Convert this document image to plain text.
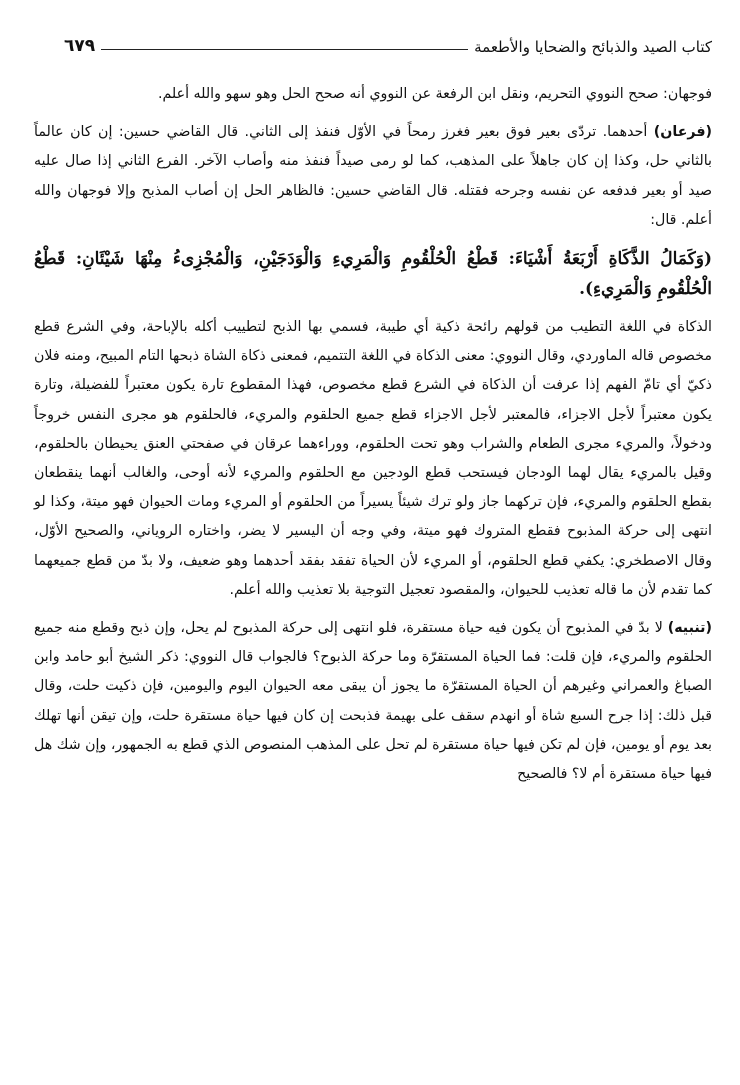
كتاب الصيد والذبائح والضحايا والأطعمة
٦٧٩

فوجهان: صحح النووي التحريم، ونقل ابن الرفعة عن النووي أنه صحح الحل وهو سهو والله أعلم.

(فرعان) أحدهما. تردّى بعير فوق بعير فغرز رمحاً في الأوّل فنفذ إلى الثاني. قال القاضي حسين: إن كان عالماً بالثاني حل، وكذا إن كان جاهلاً على المذهب، كما لو رمى صيداً فنفذ منه وأصاب الآخر. الفرع الثاني إذا صال عليه صيد أو بعير فدفعه عن نفسه وجرحه فقتله. قال القاضي حسين: فالظاهر الحل إن أصاب المذبح وإلا فوجهان والله أعلم. قال:

(وَكَمَالُ الذَّكَاةِ أَرْبَعَةُ أَشْيَاءَ: قَطْعُ الْحُلْقُومِ وَالْمَرِيءِ وَالْوَدَجَيْنِ، وَالْمُجْزِىءُ مِنْهَا شَيْئَانِ: قَطْعُ الْحُلْقُومِ وَالْمَرِيءِ).

الذكاة في اللغة التطيب من قولهم رائحة ذكية أي طيبة، فسمي بها الذبح لتطييب أكله بالإباحة، وفي الشرع قطع مخصوص قاله الماوردي، وقال النووي: معنى الذكاة في اللغة التتميم، فمعنى ذكاة الشاة ذبحها التام المبيح، ومنه فلان ذكيّ أي تامّ الفهم إذا عرفت أن الذكاة في الشرع قطع مخصوص، فهذا المقطوع تارة يكون معتبراً للفضيلة، وتارة يكون معتبراً لأجل الاجزاء، فالمعتبر لأجل الاجزاء قطع جميع الحلقوم والمريء، فالحلقوم هو مجرى النفس خروجاً ودخولاً، والمريء مجرى الطعام والشراب وهو تحت الحلقوم، ووراءهما عرقان في صفحتي العنق يحيطان بالحلقوم، وقيل بالمريء يقال لهما الودجان فيستحب قطع الودجين مع الحلقوم والمريء لأنه أوحى، والغالب أنهما ينقطعان بقطع الحلقوم والمريء، فإن تركهما جاز ولو ترك شيئاً يسيراً من الحلقوم أو المريء ومات الحيوان فهو ميتة، وكذا لو انتهى إلى حركة المذبوح فقطع المتروك فهو ميتة، وفي وجه أن اليسير لا يضر، واختاره الروياني، والصحيح الأوّل، وقال الاصطخري: يكفي قطع الحلقوم، أو المريء لأن الحياة تفقد بفقد أحدهما وهو ضعيف، ولا بدّ من قطع جميعهما كما تقدم لأن ما قاله تعذيب للحيوان، والمقصود تعجيل التوجية بلا تعذيب والله أعلم.

(تنبيه) لا بدّ في المذبوح أن يكون فيه حياة مستقرة، فلو انتهى إلى حركة المذبوح لم يحل، وإن ذبح وقطع منه جميع الحلقوم والمريء، فإن قلت: فما الحياة المستقرّة وما حركة الذبوح؟ فالجواب قال النووي: ذكر الشيخ أبو حامد وابن الصباغ والعمراني وغيرهم أن الحياة المستقرّة ما يجوز أن يبقى معه الحيوان اليوم واليومين، فإن ذكيت حلت، وقال قبل ذلك: إذا جرح السبع شاة أو انهدم سقف على بهيمة فذبحت إن كان فيها حياة مستقرة حلت، وإن تيقن أنها تهلك بعد يوم أو يومين، فإن لم تكن فيها حياة مستقرة لم تحل على المذهب المنصوص الذي قطع به الجمهور، وإن شك هل فيها حياة مستقرة أم لا؟ فالصحيح
